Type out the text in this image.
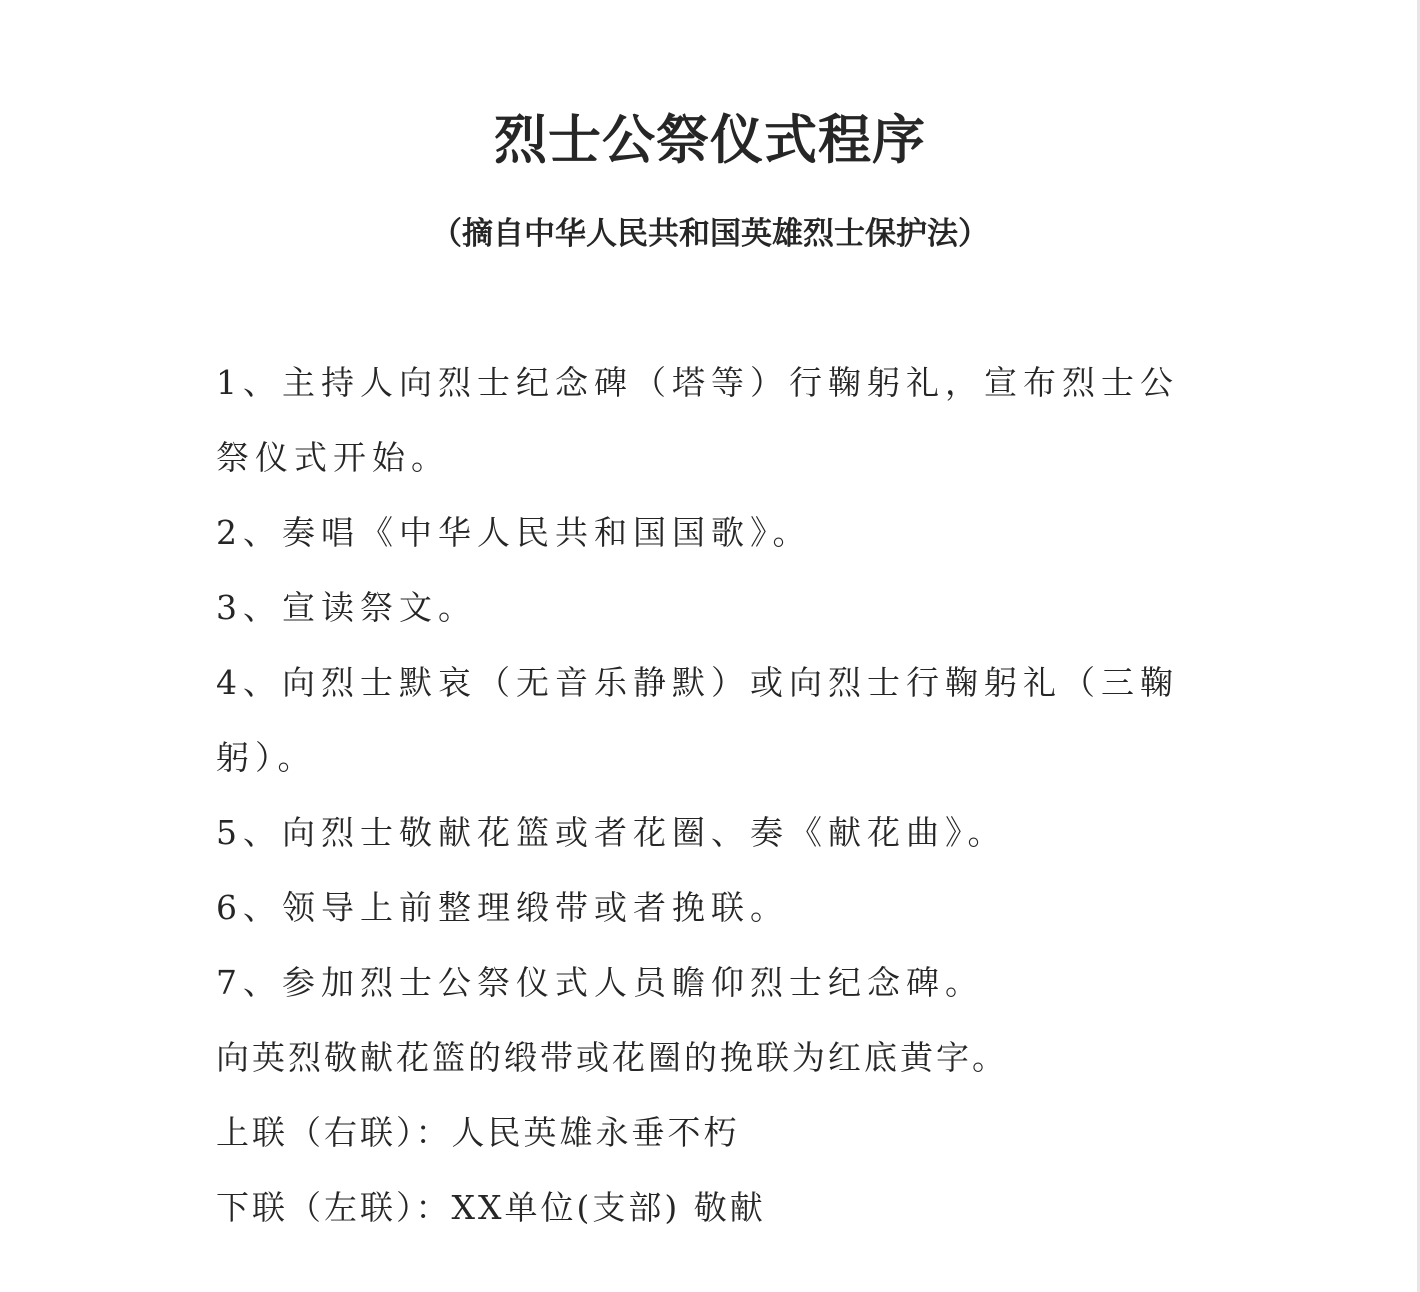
烈士公祭仪式程序
（摘自中华人民共和国英雄烈士保护法）

1、主持人向烈士纪念碑（塔等）行鞠躬礼，宣布烈士公祭仪式开始。

2、奏唱《中华人民共和国国歌》。

3、宣读祭文。

4、向烈士默哀（无音乐静默）或向烈士行鞠躬礼（三鞠躬）。

5、向烈士敬献花篮或者花圈、奏《献花曲》。

6、领导上前整理缎带或者挽联。

7、参加烈士公祭仪式人员瞻仰烈士纪念碑。

向英烈敬献花篮的缎带或花圈的挽联为红底黄字。

上联（右联）：人民英雄永垂不朽

下联（左联）：XX单位(支部) 敬献
